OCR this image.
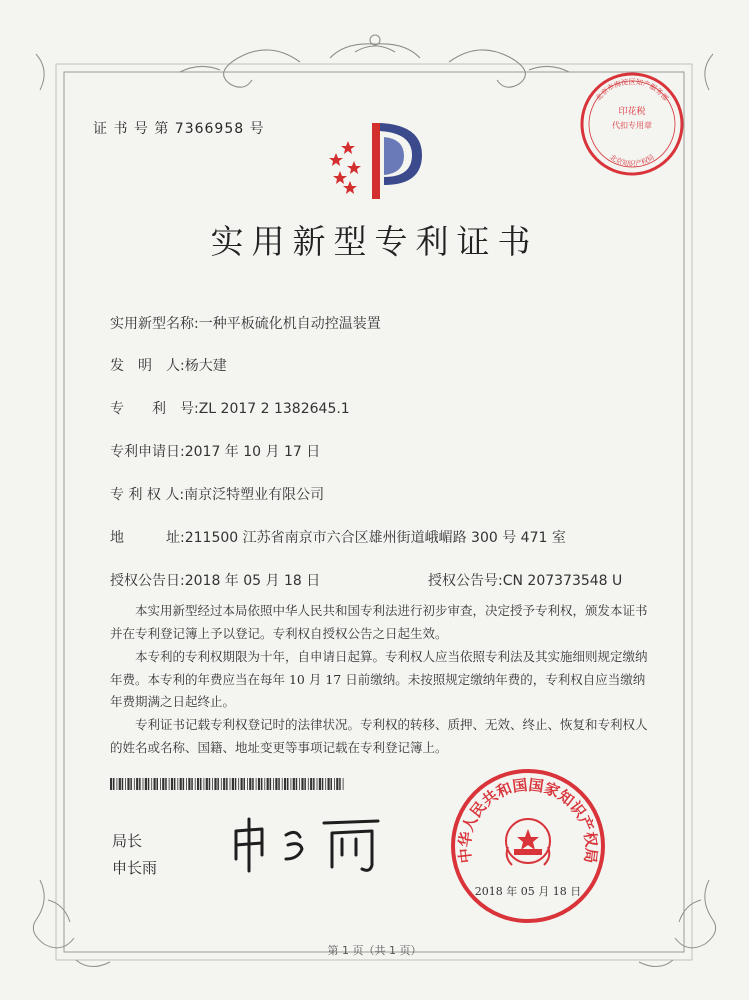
证 书 号 第 7366958 号
印花税
代扣专用章
北京市海淀区知产服务部
北京知识产权局
实用新型专利证书
实用新型名称:一种平板硫化机自动控温装置
发　明　人:杨大建
专　　利　号:ZL 2017 2 1382645.1
专利申请日:2017 年 10 月 17 日
专 利 权 人:南京泛特塑业有限公司
地　　　址:211500 江苏省南京市六合区雄州街道峨嵋路 300 号 471 室
授权公告日:2018 年 05 月 18 日	授权公告号:CN 207373548 U
本实用新型经过本局依照中华人民共和国专利法进行初步审查，决定授予专利权，颁发本证书并在专利登记簿上予以登记。专利权自授权公告之日起生效。
本专利的专利权期限为十年，自申请日起算。专利权人应当依照专利法及其实施细则规定缴纳年费。本专利的年费应当在每年 10 月 17 日前缴纳。未按照规定缴纳年费的，专利权自应当缴纳年费期满之日起终止。
专利证书记载专利权登记时的法律状况。专利权的转移、质押、无效、终止、恢复和专利权人的姓名或名称、国籍、地址变更等事项记载在专利登记簿上。
局长
申长雨
中华人民共和国国家知识产权局
2018 年 05 月 18 日
第 1 页（共 1 页）
